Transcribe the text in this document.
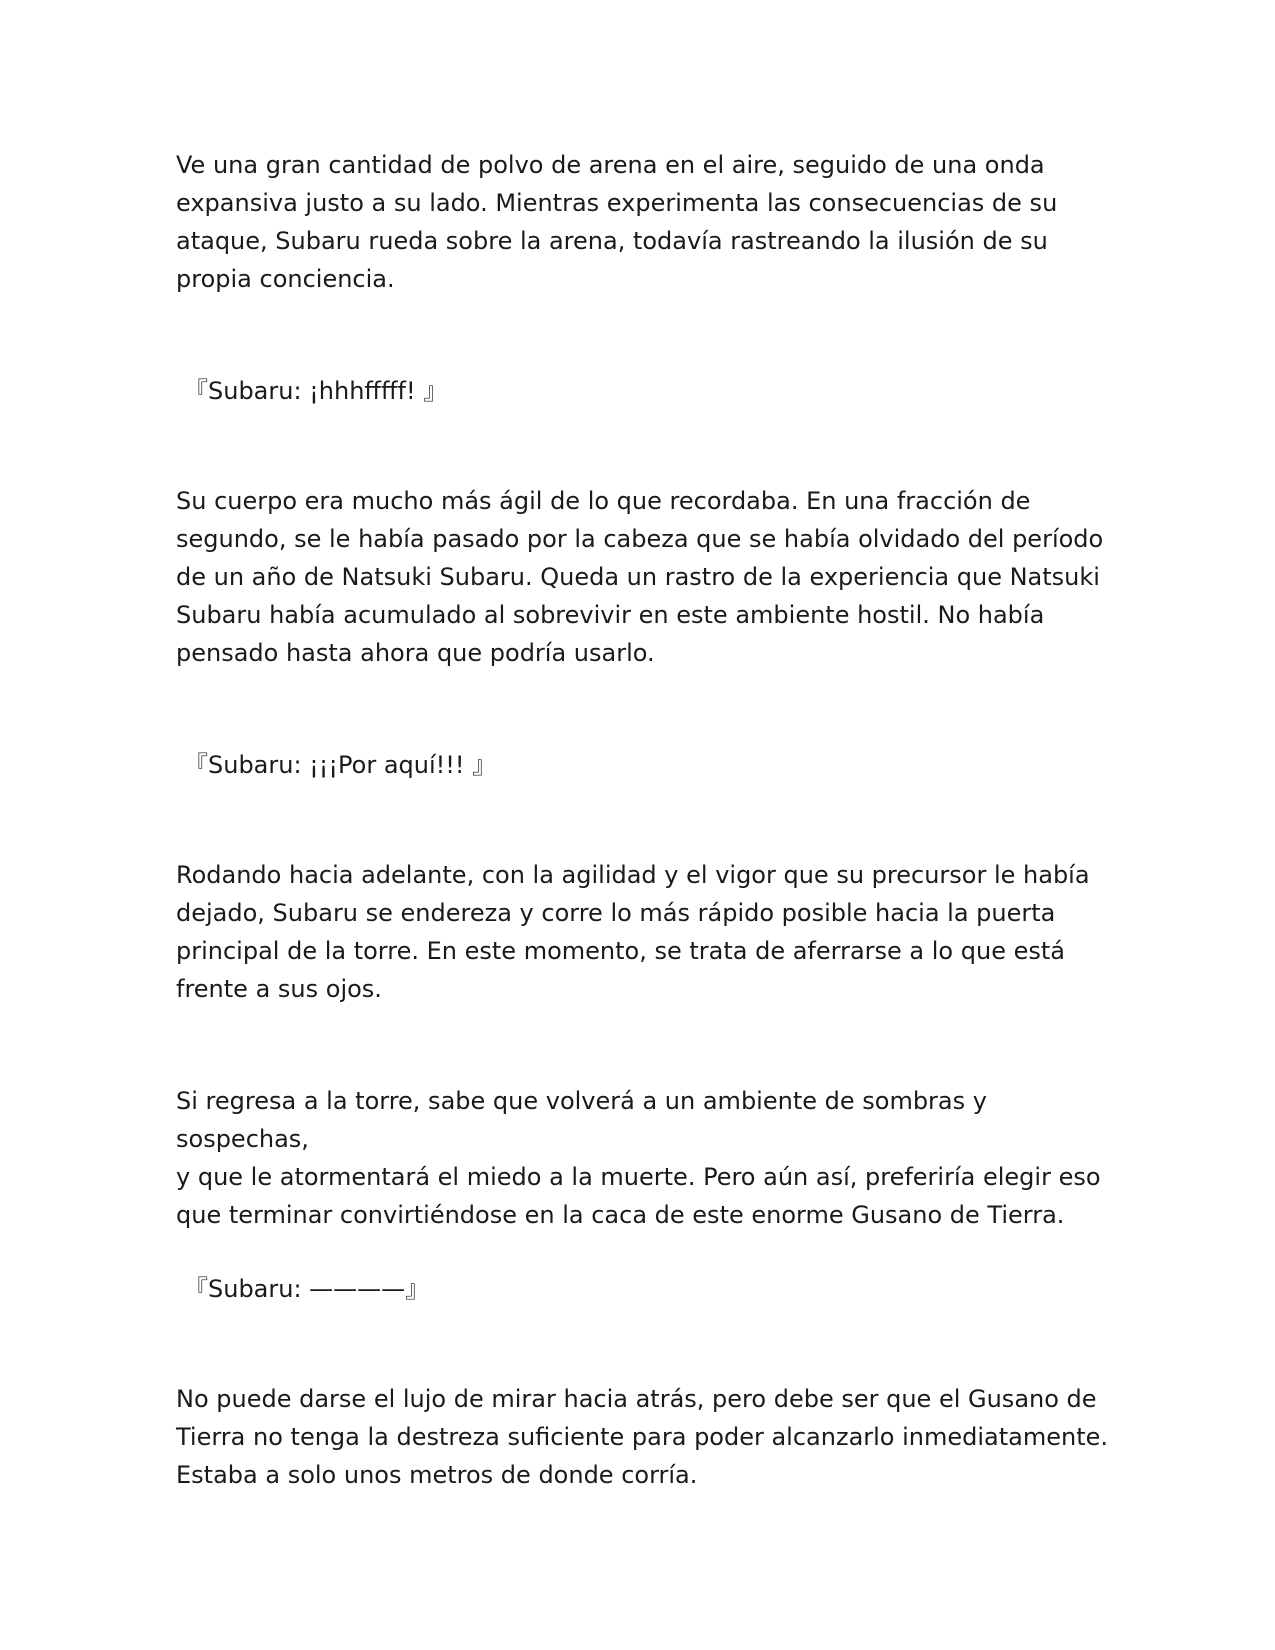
Ve una gran cantidad de polvo de arena en el aire, seguido de una onda
expansiva justo a su lado. Mientras experimenta las consecuencias de su
ataque, Subaru rueda sobre la arena, todavía rastreando la ilusión de su
propia conciencia.

『Subaru: ¡hhhfffff! 』

Su cuerpo era mucho más ágil de lo que recordaba. En una fracción de
segundo, se le había pasado por la cabeza que se había olvidado del período
de un año de Natsuki Subaru. Queda un rastro de la experiencia que Natsuki
Subaru había acumulado al sobrevivir en este ambiente hostil. No había
pensado hasta ahora que podría usarlo.

『Subaru: ¡¡¡Por aquí!!! 』

Rodando hacia adelante, con la agilidad y el vigor que su precursor le había
dejado, Subaru se endereza y corre lo más rápido posible hacia la puerta
principal de la torre. En este momento, se trata de aferrarse a lo que está
frente a sus ojos.

Si regresa a la torre, sabe que volverá a un ambiente de sombras y sospechas,
y que le atormentará el miedo a la muerte. Pero aún así, preferiría elegir eso
que terminar convirtiéndose en la caca de este enorme Gusano de Tierra.

『Subaru: ————』

No puede darse el lujo de mirar hacia atrás, pero debe ser que el Gusano de
Tierra no tenga la destreza suficiente para poder alcanzarlo inmediatamente.
Estaba a solo unos metros de donde corría.
